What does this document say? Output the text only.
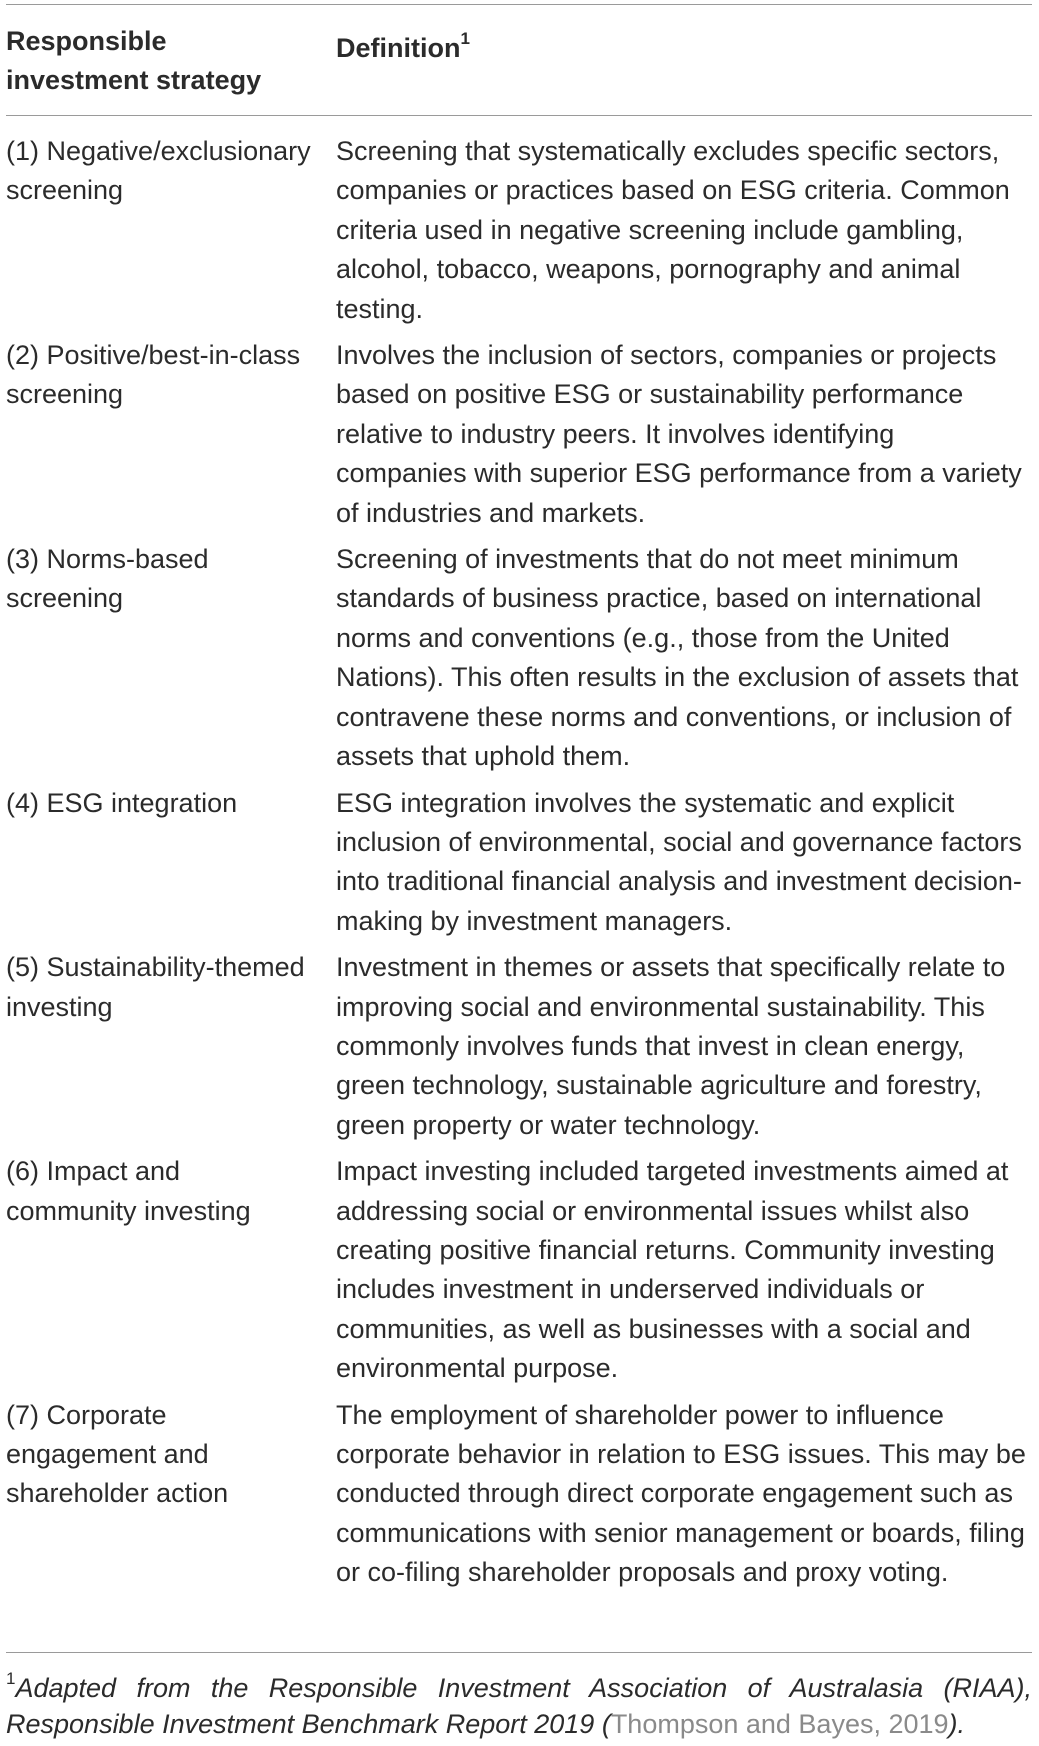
Responsible investment strategy
Definition$^1$
(1) Negative/exclusionary screening
Screening that systematically excludes specific sectors, companies or practices based on ESG criteria. Common criteria used in negative screening include gambling, alcohol, tobacco, weapons, pornography and animal testing.
(2) Positive/best-in-class screening
Involves the inclusion of sectors, companies or projects based on positive ESG or sustainability performance relative to industry peers. It involves identifying companies with superior ESG performance from a variety of industries and markets.
(3) Norms-based screening
Screening of investments that do not meet minimum standards of business practice, based on international norms and conventions (e.g., those from the United Nations). This often results in the exclusion of assets that contravene these norms and conventions, or inclusion of assets that uphold them.
(4) ESG integration	ESG integration involves the systematic and explicit inclusion of environmental, social and governance factors into traditional financial analysis and investment decision-making by investment managers.
(5) Sustainability-themed investing
Investment in themes or assets that specifically relate to improving social and environmental sustainability. This commonly involves funds that invest in clean energy, green technology, sustainable agriculture and forestry, green property or water technology.
(6) Impact and community investing
Impact investing included targeted investments aimed at addressing social or environmental issues whilst also creating positive financial returns. Community investing includes investment in underserved individuals or communities, as well as businesses with a social and environmental purpose.
(7) Corporate engagement and shareholder action
The employment of shareholder power to influence corporate behavior in relation to ESG issues. This may be conducted through direct corporate engagement such as communications with senior management or boards, filing or co-filing shareholder proposals and proxy voting.
$^1$Adapted from the Responsible Investment Association of Australasia (RIAA), Responsible Investment Benchmark Report 2019 (Thompson and Bayes, 2019).
